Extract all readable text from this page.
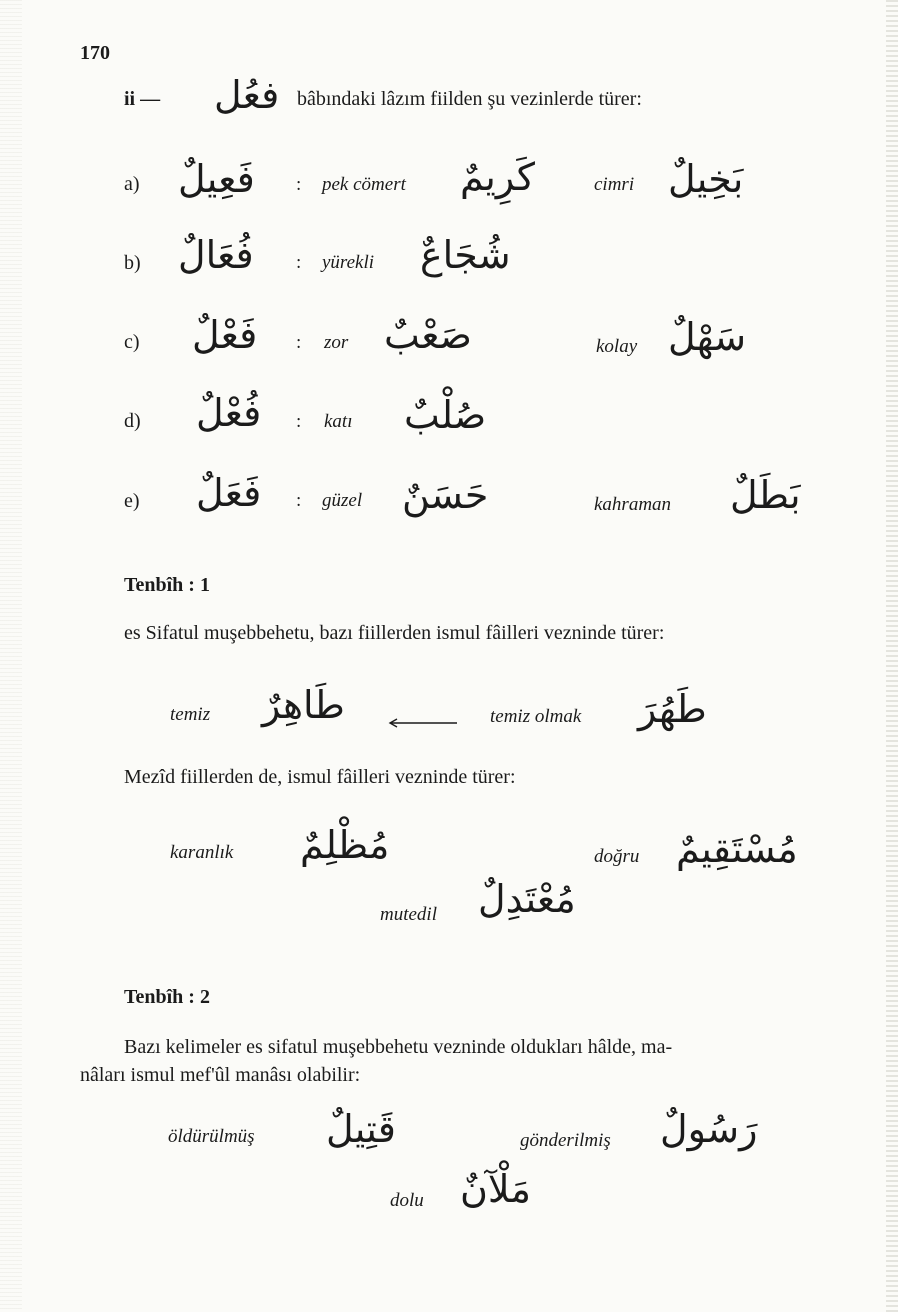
170
ii — فعُل bâbındaki lâzım fiilden şu vezinlerde türer:
a) فَعِيلٌ : pek cömert كَرِيمٌ	cimri بَخِيلٌ
b) فُعَالٌ : yürekli شُجَاعٌ
c) فَعْلٌ : zor صَعْبٌ	kolay سَهْلٌ
d) فُعْلٌ : katı صُلْبٌ
e) فَعَلٌ : güzel حَسَنٌ	kahraman بَطَلٌ
Tenbîh : 1
es Sifatul muşebbehetu, bazı fiillerden ismul fâilleri vezninde türer:
temiz طَاهِرٌ	temiz olmak طَهُرَ
Mezîd fiillerden de, ismul fâilleri vezninde türer:
karanlık مُظْلِمٌ	doğru مُسْتَقِيمٌ
mutedil مُعْتَدِلٌ
Tenbîh : 2
Bazı kelimeler es sifatul muşebbehetu vezninde oldukları hâlde, ma-
nâları ismul mef'ûl manâsı olabilir:
öldürülmüş قَتِيلٌ	gönderilmiş رَسُولٌ
dolu مَلْآنٌ
